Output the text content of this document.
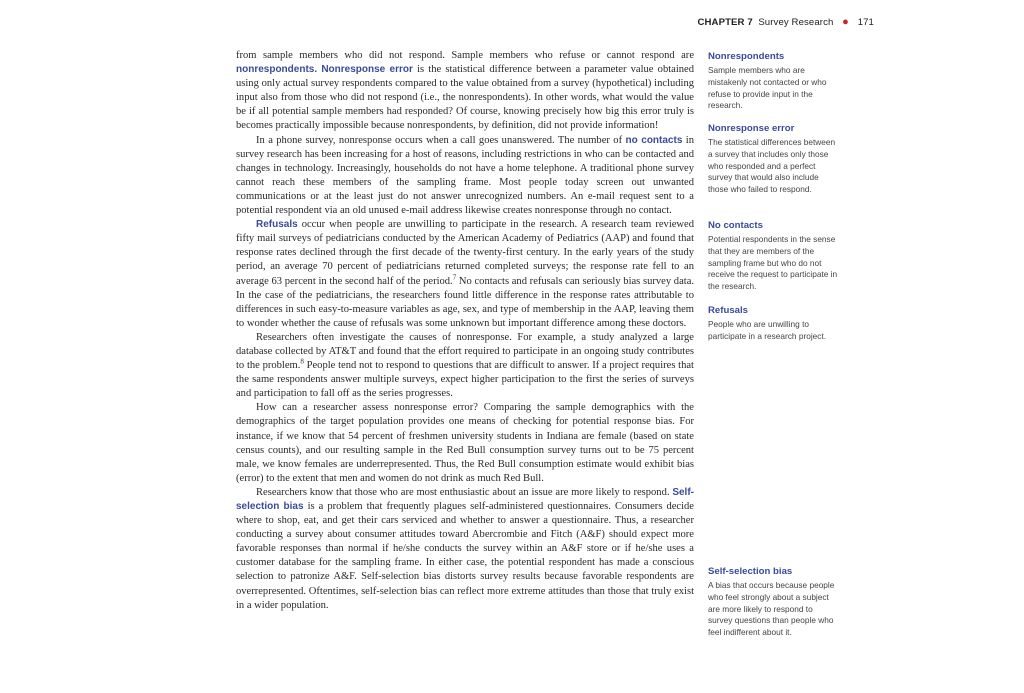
CHAPTER 7 Survey Research ● 171

from sample members who did not respond. Sample members who refuse or cannot respond are nonrespondents. Nonresponse error is the statistical difference between a parameter value obtained using only actual survey respondents compared to the value obtained from a survey (hypothetical) including input also from those who did not respond (i.e., the nonrespondents). In other words, what would the value be if all potential sample members had responded? Of course, knowing precisely how big this error truly is becomes practically impossible because nonrespondents, by definition, did not provide information!

In a phone survey, nonresponse occurs when a call goes unanswered. The number of no contacts in survey research has been increasing for a host of reasons, including restrictions in who can be contacted and changes in technology. Increasingly, households do not have a home telephone. A traditional phone survey cannot reach these members of the sampling frame. Most people today screen out unwanted communications or at the least just do not answer unrecognized numbers. An e-mail request sent to a potential respondent via an old unused e-mail address likewise creates nonresponse through no contact.

Refusals occur when people are unwilling to participate in the research. A research team reviewed fifty mail surveys of pediatricians conducted by the American Academy of Pediatrics (AAP) and found that response rates declined through the first decade of the twenty-first century. In the early years of the study period, an average 70 percent of pediatricians returned completed surveys; the response rate fell to an average 63 percent in the second half of the period.$^7$ No contacts and refusals can seriously bias survey data. In the case of the pediatricians, the researchers found little difference in the response rates attributable to differences in such easy-to-measure variables as age, sex, and type of membership in the AAP, leaving them to wonder whether the cause of refusals was some unknown but important difference among these doctors.

Researchers often investigate the causes of nonresponse. For example, a study analyzed a large database collected by AT&T and found that the effort required to participate in an ongoing study contributes to the problem.$^8$ People tend not to respond to questions that are difficult to answer. If a project requires that the same respondents answer multiple surveys, expect higher participation to the first the series of surveys and participation to fall off as the series progresses.

How can a researcher assess nonresponse error? Comparing the sample demographics with the demographics of the target population provides one means of checking for potential response bias. For instance, if we know that 54 percent of freshmen university students in Indiana are female (based on state census counts), and our resulting sample in the Red Bull consumption survey turns out to be 75 percent male, we know females are underrepresented. Thus, the Red Bull consumption estimate would exhibit bias (error) to the extent that men and women do not drink as much Red Bull.

Researchers know that those who are most enthusiastic about an issue are more likely to respond. Self-selection bias is a problem that frequently plagues self-administered questionnaires. Consumers decide where to shop, eat, and get their cars serviced and whether to answer a questionnaire. Thus, a researcher conducting a survey about consumer attitudes toward Abercrombie and Fitch (A&F) should expect more favorable responses than normal if he/she conducts the survey within an A&F store or if he/she uses a customer database for the sampling frame. In either case, the potential respondent has made a conscious selection to patronize A&F. Self-selection bias distorts survey results because favorable respondents are overrepresented. Oftentimes, self-selection bias can reflect more extreme attitudes than those that truly exist in a wider population.

Nonrespondents
Sample members who are mistakenly not contacted or who refuse to provide input in the research.
Nonresponse error
The statistical differences between a survey that includes only those who responded and a perfect survey that would also include those who failed to respond.
No contacts
Potential respondents in the sense that they are members of the sampling frame but who do not receive the request to participate in the research.
Refusals
People who are unwilling to participate in a research project.
Self-selection bias
A bias that occurs because people who feel strongly about a subject are more likely to respond to survey questions than people who feel indifferent about it.
